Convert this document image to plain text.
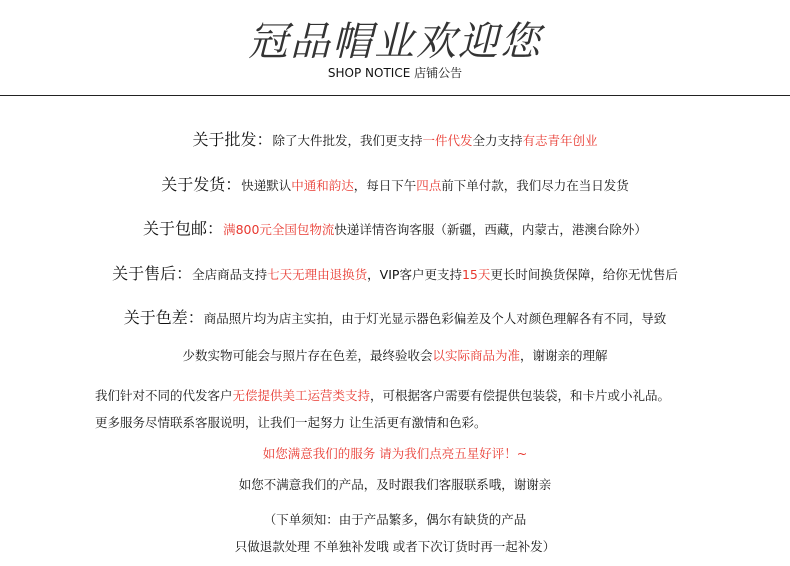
冠品帽业欢迎您
SHOP NOTICE 店铺公告
关于批发：除了大件批发，我们更支持一件代发全力支持有志青年创业
关于发货：快递默认中通和韵达，每日下午四点前下单付款，我们尽力在当日发货
关于包邮：满800元全国包物流快递详情咨询客服（新疆，西藏，内蒙古，港澳台除外）
关于售后：全店商品支持七天无理由退换货，VIP客户更支持15天更长时间换货保障，给你无忧售后
关于色差：商品照片均为店主实拍，由于灯光显示器色彩偏差及个人对颜色理解各有不同，导致
少数实物可能会与照片存在色差，最终验收会以实际商品为准，谢谢亲的理解
我们针对不同的代发客户无偿提供美工运营类支持，可根据客户需要有偿提供包装袋，和卡片或小礼品。
更多服务尽情联系客服说明，让我们一起努力 让生活更有激情和色彩。
如您满意我们的服务 请为我们点亮五星好评！~
如您不满意我们的产品，及时跟我们客服联系哦，谢谢亲
（下单须知：由于产品繁多，偶尔有缺货的产品
只做退款处理 不单独补发哦 或者下次订货时再一起补发）
